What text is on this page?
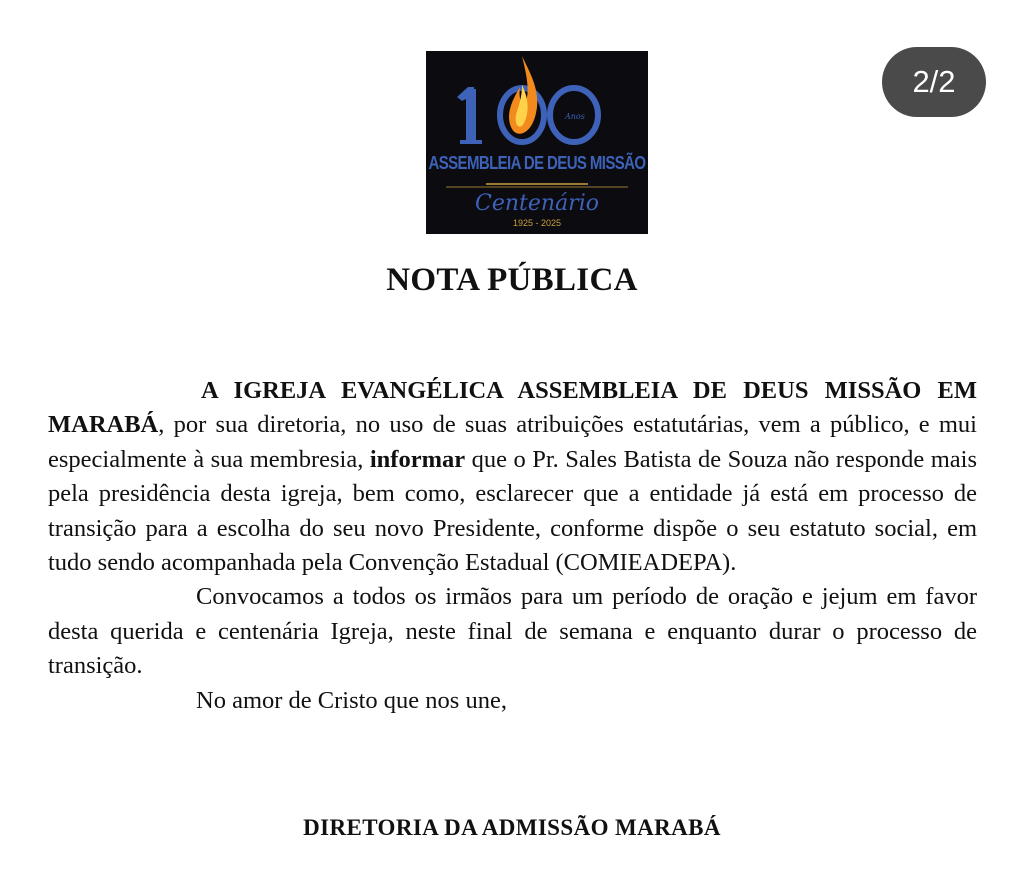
2/2
ASSEMBLEIA DE DEUS MISSÃO
Centenário
1925 - 2025
Anos
NOTA PÚBLICA

A IGREJA EVANGÉLICA ASSEMBLEIA DE DEUS MISSÃO EM MARABÁ, por sua diretoria, no uso de suas atribuições estatutárias, vem a público, e mui especialmente à sua membresia, informar que o Pr. Sales Batista de Souza não responde mais pela presidência desta igreja, bem como, esclarecer que a entidade já está em processo de transição para a escolha do seu novo Presidente, conforme dispõe o seu estatuto social, em tudo sendo acompanhada pela Convenção Estadual (COMIEADEPA).

Convocamos a todos os irmãos para um período de oração e jejum em favor desta querida e centenária Igreja, neste final de semana e enquanto durar o processo de transição.

No amor de Cristo que nos une,

DIRETORIA DA ADMISSÃO MARABÁ
